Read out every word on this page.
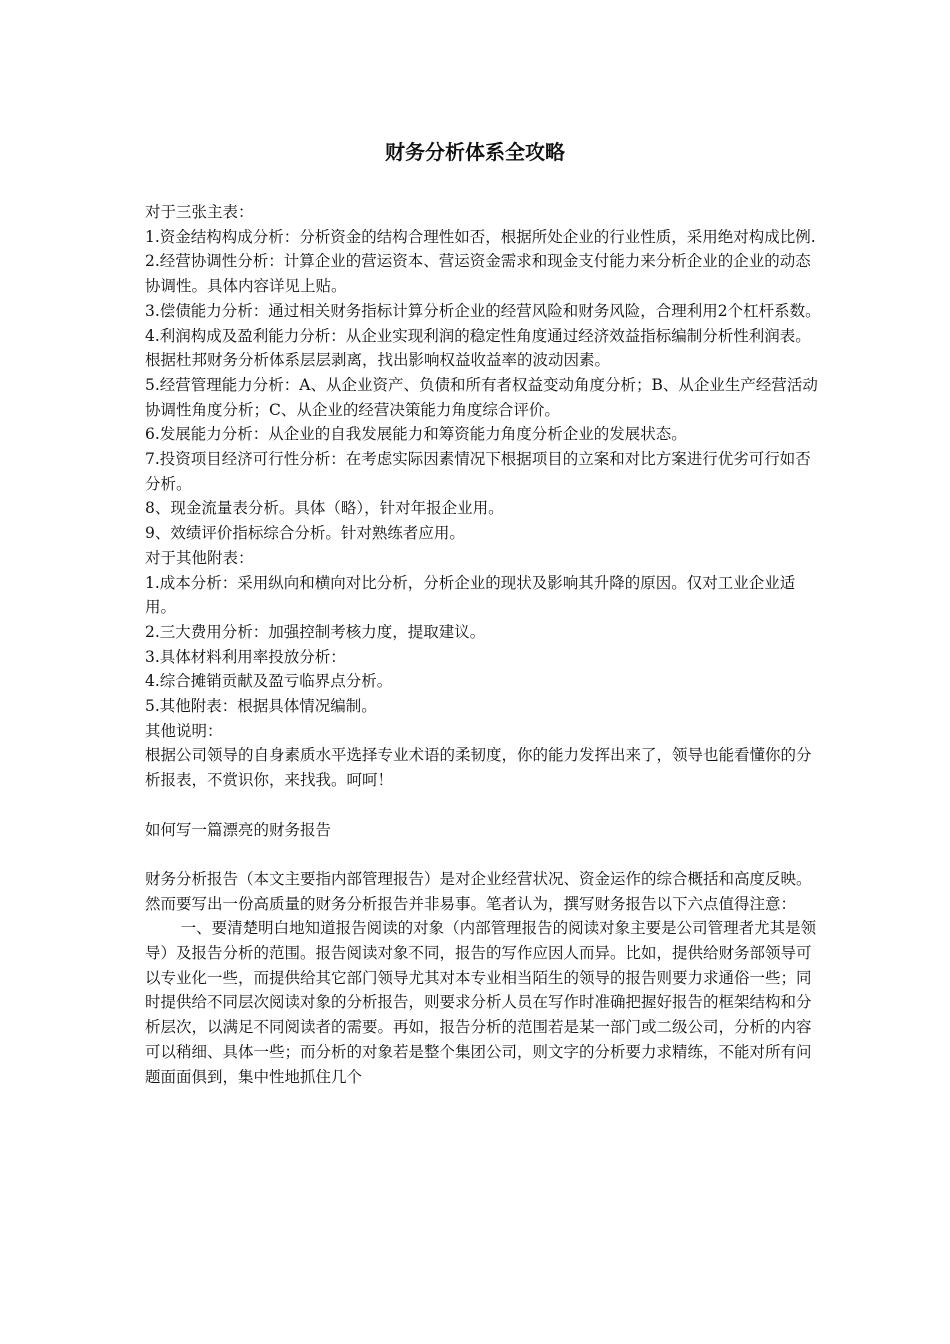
财务分析体系全攻略

对于三张主表：

1.资金结构构成分析：分析资金的结构合理性如否，根据所处企业的行业性质，采用绝对构成比例.

2.经营协调性分析：计算企业的营运资本、营运资金需求和现金支付能力来分析企业的企业的动态协调性。具体内容详见上贴。

3.偿债能力分析：通过相关财务指标计算分析企业的经营风险和财务风险，合理利用2个杠杆系数。

4.利润构成及盈利能力分析：从企业实现利润的稳定性角度通过经济效益指标编制分析性利润表。根据杜邦财务分析体系层层剥离，找出影响权益收益率的波动因素。

5.经营管理能力分析：A、从企业资产、负债和所有者权益变动角度分析；B、从企业生产经营活动协调性角度分析；C、从企业的经营决策能力角度综合评价。

6.发展能力分析：从企业的自我发展能力和筹资能力角度分析企业的发展状态。

7.投资项目经济可行性分析：在考虑实际因素情况下根据项目的立案和对比方案进行优劣可行如否分析。

8、现金流量表分析。具体（略），针对年报企业用。

9、效绩评价指标综合分析。针对熟练者应用。

对于其他附表：

1.成本分析：采用纵向和横向对比分析，分析企业的现状及影响其升降的原因。仅对工业企业适用。

2.三大费用分析：加强控制考核力度，提取建议。

3.具体材料利用率投放分析：

4.综合摊销贡献及盈亏临界点分析。

5.其他附表：根据具体情况编制。

其他说明：

根据公司领导的自身素质水平选择专业术语的柔韧度，你的能力发挥出来了，领导也能看懂你的分析报表，不赏识你，来找我。呵呵！

如何写一篇漂亮的财务报告

财务分析报告（本文主要指内部管理报告）是对企业经营状况、资金运作的综合概括和高度反映。然而要写出一份高质量的财务分析报告并非易事。笔者认为，撰写财务报告以下六点值得注意：

一、要清楚明白地知道报告阅读的对象（内部管理报告的阅读对象主要是公司管理者尤其是领导）及报告分析的范围。报告阅读对象不同，报告的写作应因人而异。比如，提供给财务部领导可以专业化一些，而提供给其它部门领导尤其对本专业相当陌生的领导的报告则要力求通俗一些；同时提供给不同层次阅读对象的分析报告，则要求分析人员在写作时准确把握好报告的框架结构和分析层次，以满足不同阅读者的需要。再如，报告分析的范围若是某一部门或二级公司，分析的内容可以稍细、具体一些；而分析的对象若是整个集团公司，则文字的分析要力求精练，不能对所有问题面面俱到，集中性地抓住几个
